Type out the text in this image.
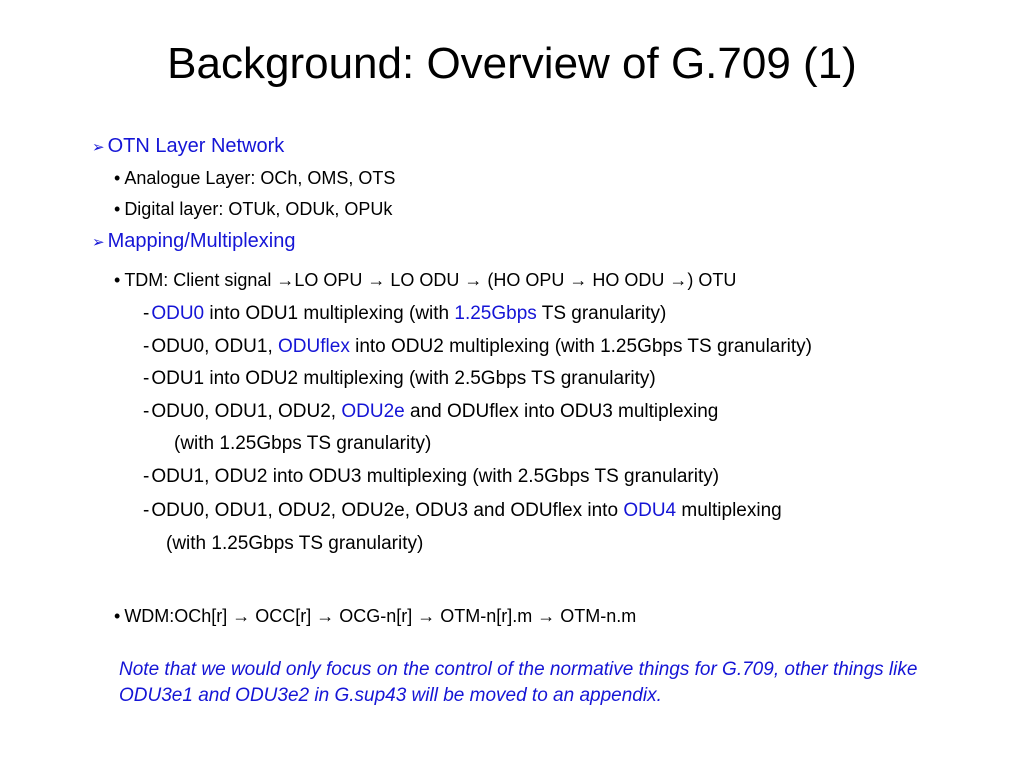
Background: Overview of G.709 (1)
➢ OTN Layer Network
• Analogue Layer: OCh, OMS, OTS
• Digital layer: OTUk, ODUk, OPUk
➢ Mapping/Multiplexing
• TDM: Client signal →LO OPU → LO ODU → (HO OPU → HO ODU →) OTU
- ODU0 into ODU1 multiplexing (with 1.25Gbps TS granularity)
- ODU0, ODU1, ODUflex into ODU2 multiplexing (with 1.25Gbps TS granularity)
- ODU1 into ODU2 multiplexing (with 2.5Gbps TS granularity)
- ODU0, ODU1, ODU2, ODU2e and ODUflex into ODU3 multiplexing
(with 1.25Gbps TS granularity)
- ODU1, ODU2 into ODU3 multiplexing (with 2.5Gbps TS granularity)
- ODU0, ODU1, ODU2, ODU2e, ODU3 and ODUflex into ODU4 multiplexing
(with 1.25Gbps TS granularity)
• WDM:OCh[r] → OCC[r] → OCG-n[r] → OTM-n[r].m → OTM-n.m
Note that we would only focus on the control of the normative things for G.709, other things like ODU3e1 and ODU3e2 in G.sup43 will be moved to an appendix.
